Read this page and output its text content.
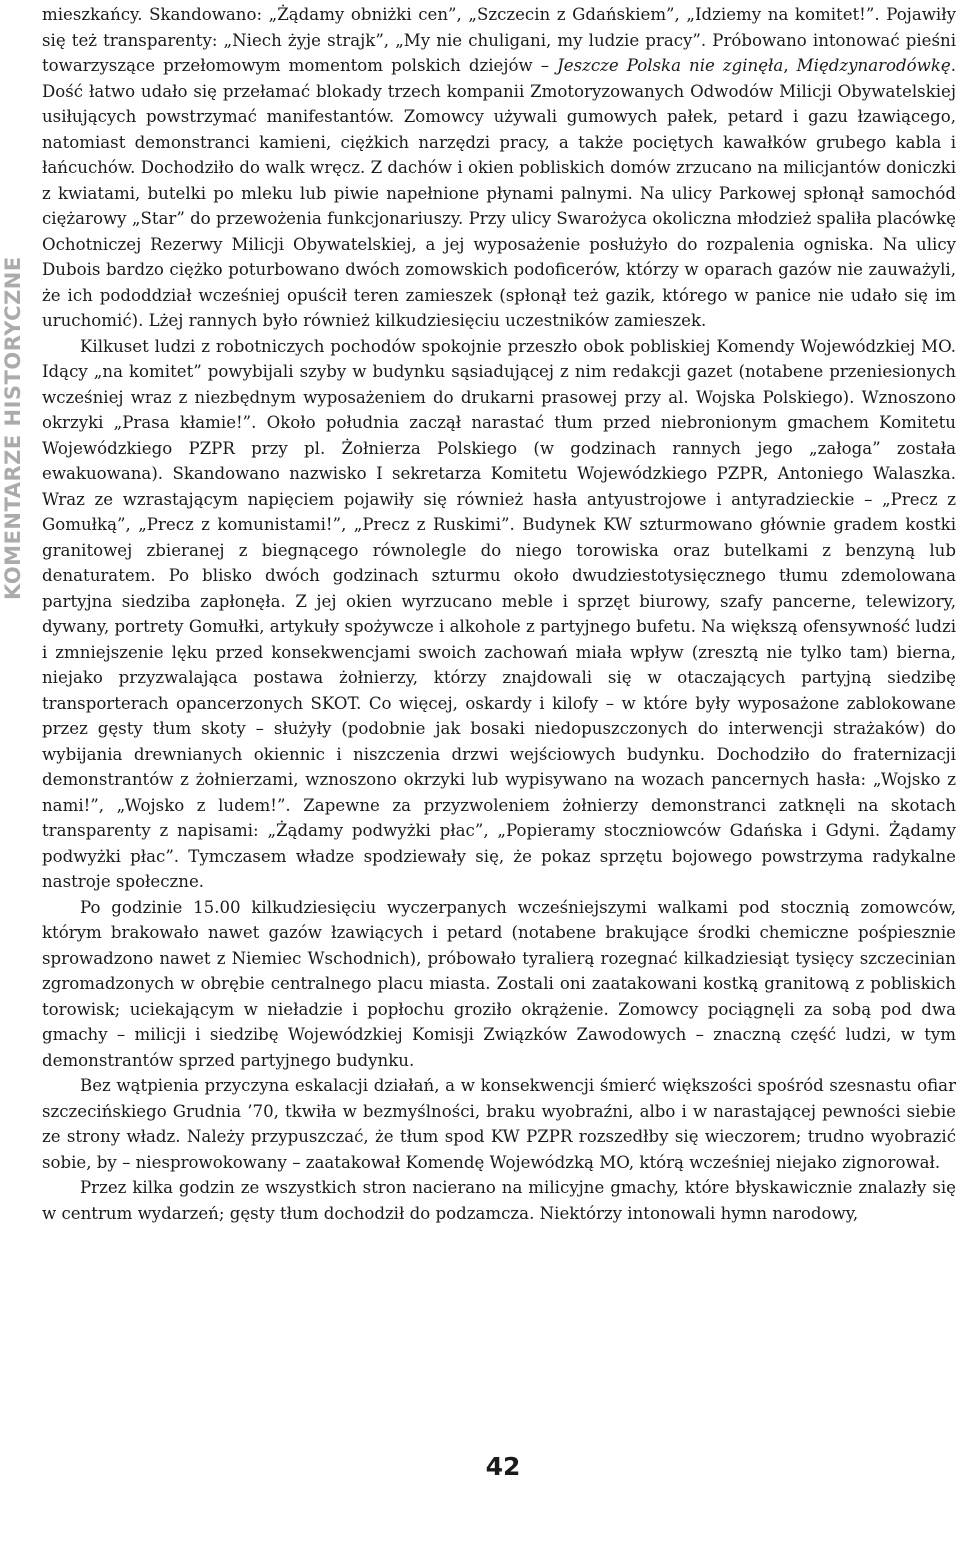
KOMENTARZE HISTORYCZNE

mieszkańcy. Skandowano: „Żądamy obniżki cen”, „Szczecin z Gdańskiem”, „Idziemy na komitet!”. Pojawiły się też transparenty: „Niech żyje strajk”, „My nie chuligani, my ludzie pracy”. Próbowano intonować pieśni towarzyszące przełomowym momentom polskich dziejów – Jeszcze Polska nie zginęła, Międzynarodówkę. Dość łatwo udało się przełamać blokady trzech kompanii Zmotoryzowanych Odwodów Milicji Obywatelskiej usiłujących powstrzymać manifestantów. Zomowcy używali gumowych pałek, petard i gazu łzawiącego, natomiast demonstranci kamieni, ciężkich narzędzi pracy, a także pociętych kawałków grubego kabla i łańcuchów. Dochodziło do walk wręcz. Z dachów i okien pobliskich domów zrzucano na milicjantów doniczki z kwiatami, butelki po mleku lub piwie napełnione płynami palnymi. Na ulicy Parkowej spłonął samochód ciężarowy „Star” do przewożenia funkcjonariuszy. Przy ulicy Swarożyca okoliczna młodzież spaliła placówkę Ochotniczej Rezerwy Milicji Obywatelskiej, a jej wyposażenie posłużyło do rozpalenia ogniska. Na ulicy Dubois bardzo ciężko poturbowano dwóch zomowskich podoficerów, którzy w oparach gazów nie zauważyli, że ich pododdział wcześniej opuścił teren zamieszek (spłonął też gazik, którego w panice nie udało się im uruchomić). Lżej rannych było również kilkudziesięciu uczestników zamieszek.

Kilkuset ludzi z robotniczych pochodów spokojnie przeszło obok pobliskiej Komendy Wojewódzkiej MO. Idący „na komitet” powybijali szyby w budynku sąsiadującej z nim redakcji gazet (notabene przeniesionych wcześniej wraz z niezbędnym wyposażeniem do drukarni prasowej przy al. Wojska Polskiego). Wznoszono okrzyki „Prasa kłamie!”. Około południa zaczął narastać tłum przed niebronionym gmachem Komitetu Wojewódzkiego PZPR przy pl. Żołnierza Polskiego (w godzinach rannych jego „załoga” została ewakuowana). Skandowano nazwisko I sekretarza Komitetu Wojewódzkiego PZPR, Antoniego Walaszka. Wraz ze wzrastającym napięciem pojawiły się również hasła antyustrojowe i antyradzieckie – „Precz z Gomułką”, „Precz z komunistami!”, „Precz z Ruskimi”. Budynek KW szturmowano głównie gradem kostki granitowej zbieranej z biegnącego równolegle do niego torowiska oraz butelkami z benzyną lub denaturatem. Po blisko dwóch godzinach szturmu około dwudziestotysięcznego tłumu zdemolowana partyjna siedziba zapłonęła. Z jej okien wyrzucano meble i sprzęt biurowy, szafy pancerne, telewizory, dywany, portrety Gomułki, artykuły spożywcze i alkohole z partyjnego bufetu. Na większą ofensywność ludzi i zmniejszenie lęku przed konsekwencjami swoich zachowań miała wpływ (zresztą nie tylko tam) bierna, niejako przyzwalająca postawa żołnierzy, którzy znajdowali się w otaczających partyjną siedzibę transporterach opancerzonych SKOT. Co więcej, oskardy i kilofy – w które były wyposażone zablokowane przez gęsty tłum skoty – służyły (podobnie jak bosaki niedopuszczonych do interwencji strażaków) do wybijania drewnianych okiennic i niszczenia drzwi wejściowych budynku. Dochodziło do fraternizacji demonstrantów z żołnierzami, wznoszono okrzyki lub wypisywano na wozach pancernych hasła: „Wojsko z nami!”, „Wojsko z ludem!”. Zapewne za przyzwoleniem żołnierzy demonstranci zatknęli na skotach transparenty z napisami: „Żądamy podwyżki płac”, „Popieramy stoczniowców Gdańska i Gdyni. Żądamy podwyżki płac”. Tymczasem władze spodziewały się, że pokaz sprzętu bojowego powstrzyma radykalne nastroje społeczne.

Po godzinie 15.00 kilkudziesięciu wyczerpanych wcześniejszymi walkami pod stocznią zomowców, którym brakowało nawet gazów łzawiących i petard (notabene brakujące środki chemiczne pośpiesznie sprowadzono nawet z Niemiec Wschodnich), próbowało tyralierą rozegnać kilkadziesiąt tysięcy szczecinian zgromadzonych w obrębie centralnego placu miasta. Zostali oni zaatakowani kostką granitową z pobliskich torowisk; uciekającym w nieładzie i popłochu groziło okrążenie. Zomowcy pociągnęli za sobą pod dwa gmachy – milicji i siedzibę Wojewódzkiej Komisji Związków Zawodowych – znaczną część ludzi, w tym demonstrantów sprzed partyjnego budynku.

Bez wątpienia przyczyna eskalacji działań, a w konsekwencji śmierć większości spośród szesnastu ofiar szczecińskiego Grudnia ’70, tkwiła w bezmyślności, braku wyobraźni, albo i w narastającej pewności siebie ze strony władz. Należy przypuszczać, że tłum spod KW PZPR rozszedłby się wieczorem; trudno wyobrazić sobie, by – niesprowokowany – zaatakował Komendę Wojewódzką MO, którą wcześniej niejako zignorował.

Przez kilka godzin ze wszystkich stron nacierano na milicyjne gmachy, które błyskawicznie znalazły się w centrum wydarzeń; gęsty tłum dochodził do podzamcza. Niektórzy intonowali hymn narodowy,

42
